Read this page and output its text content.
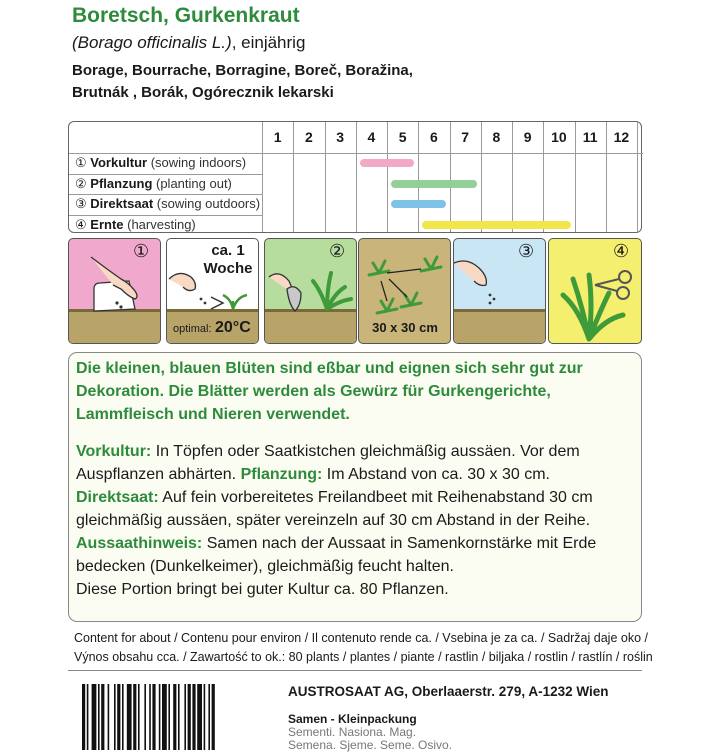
Boretsch, Gurkenkraut
(Borago officinalis L.), einjährig
Borage, Bourrache, Borragine, Boreč, Boražina,
Brutnák , Borák, Ogórecznik lekarski
1	2	3	4	5	6	7	8	9	10	11	12
① Vorkultur (sowing indoors)
② Pflanzung (planting out)
③ Direktsaat (sowing outdoors)
④ Ernte (harvesting)
①	ca. 1
Woche
optimal: 20°C
②
30 x 30 cm
③	④
Die kleinen, blauen Blüten sind eßbar und eignen sich sehr gut zur
Dekoration. Die Blätter werden als Gewürz für Gurkengerichte,
Lammfleisch und Nieren verwendet.
Vorkultur: In Töpfen oder Saatkistchen gleichmäßig aussäen. Vor dem
Auspflanzen abhärten. Pflanzung: Im Abstand von ca. 30 x 30 cm.
Direktsaat: Auf fein vorbereitetes Freilandbeet mit Reihenabstand 30 cm
gleichmäßig aussäen, später vereinzeln auf 30 cm Abstand in der Reihe.
Aussaathinweis: Samen nach der Aussaat in Samenkornstärke mit Erde
bedecken (Dunkelkeimer), gleichmäßig feucht halten.
Diese Portion bringt bei guter Kultur ca. 80 Pflanzen.
Content for about / Contenu pour environ / Il contenuto rende ca. / Vsebina je za ca. / Sadržaj daje oko /
Výnos obsahu cca. / Zawartość to ok.: 80 plants / plantes / piante / rastlin / biljaka / rostlin / rastlín / roślin
AUSTROSAAT AG, Oberlaaerstr. 279, A-1232 Wien
Samen - Kleinpackung
Sementi. Nasiona. Mag.
Semena. Sjeme. Seme. Osivo.
